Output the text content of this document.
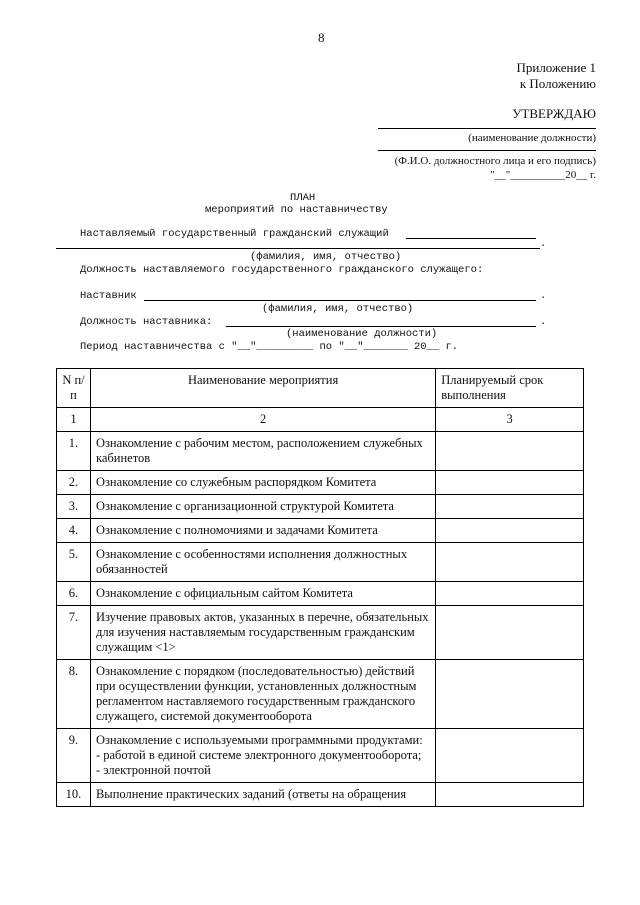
8
Приложение 1
к Положению
УТВЕРЖДАЮ
(наименование должности)
(Ф.И.О. должностного лица и его подпись)
"__"__________20__ г.
ПЛАН
мероприятий по наставничеству
Наставляемый государственный гражданский служащий
.
(фамилия, имя, отчество)
Должность наставляемого государственного гражданского служащего:
Наставник	.
(фамилия, имя, отчество)
Должность наставника:	.
(наименование должности)
Период наставничества с "__"_________ по "__"_______ 20__ г.
N п/п	Наименование мероприятия	Планируемый срок выполнения
1	2	3
1.	Ознакомление с рабочим местом, расположением служебных кабинетов	
2.	Ознакомление со служебным распорядком Комитета	
3.	Ознакомление с организационной структурой Комитета	
4.	Ознакомление с полномочиями и задачами Комитета	
5.	Ознакомление с особенностями исполнения должностных обязанностей	
6.	Ознакомление с официальным сайтом Комитета	
7.	Изучение правовых актов, указанных в перечне, обязательных для изучения наставляемым государственным гражданским служащим <1>	
8.	Ознакомление с порядком (последовательностью) действий при осуществлении функции, установленных должностным регламентом наставляемого государственным гражданского служащего, системой документооборота	
9.	Ознакомление с используемыми программными продуктами:
- работой в единой системе электронного документооборота;
- электронной почтой	
10.	Выполнение практических заданий (ответы на обращения	
